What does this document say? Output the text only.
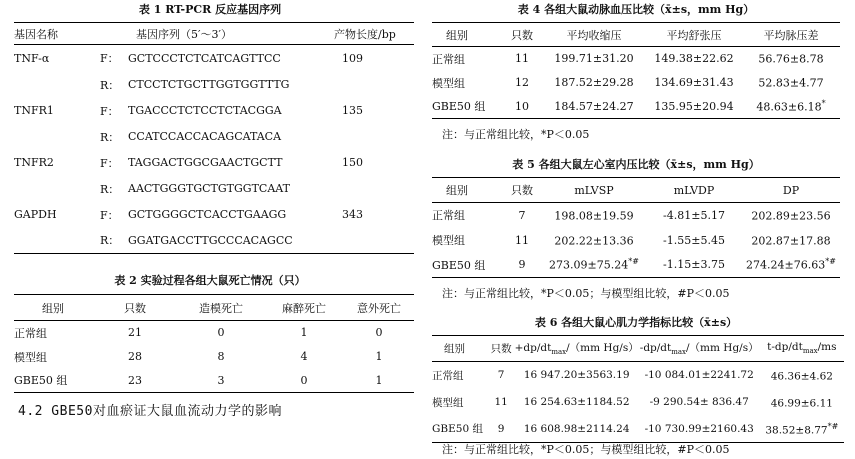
表 1 RT-PCR 反应基因序列
基因名称	基因序列（5′～3′）		产物长度/bp
TNF-α	F：	GCTCCCTCTCATCAGTTCC	109
	R：	CTCCTCTGCTTGGTGGTTTG	
TNFR1	F：	TGACCCTCTCCTCTACGGA	135
	R：	CCATCCACCACAGCATACA	
TNFR2	F：	TAGGACTGGCGAACTGCTT	150
	R：	AACTGGGTGCTGTGGTCAAT	
GAPDH	F：	GCTGGGGCTCACCTGAAGG	343
	R：	GGATGACCTTGCCCACAGCC	
表 2 实验过程各组大鼠死亡情况（只）
组别	只数	造模死亡	麻醉死亡	意外死亡
正常组	21	0	1	0
模型组	28	8	4	1
GBE50 组	23	3	0	1
4.2 GBE50对血瘀证大鼠血流动力学的影响
表 4 各组大鼠动脉血压比较（x̄±s，mm Hg）
组别	只数	平均收缩压	平均舒张压	平均脉压差
正常组	11	199.71±31.20	149.38±22.62	56.76±8.78
模型组	12	187.52±29.28	134.69±31.43	52.83±4.77
GBE50 组	10	184.57±24.27	135.95±20.94	48.63±6.18*
注：与正常组比较，*P＜0.05
表 5 各组大鼠左心室内压比较（x̄±s，mm Hg）
组别	只数	mLVSP	mLVDP	DP
正常组	7	198.08±19.59	-4.81±5.17	202.89±23.56
模型组	11	202.22±13.36	-1.55±5.45	202.87±17.88
GBE50 组	9	273.09±75.24*#	-1.15±3.75	274.24±76.63*#
注：与正常组比较，*P＜0.05；与模型组比较，#P＜0.05
表 6 各组大鼠心肌力学指标比较（x̄±s）
组别	只数	$+dp/dt_{max}/(mm$ Hg/s）	$-dp/dt_{max}/(mm$ Hg/s）	$t-dp/dt_{max}/ms$
正常组	7	16 947.20±3563.19	-10 084.01±2241.72	46.36±4.62
模型组	11	16 254.63±1184.52	-9 290.54± 836.47	46.99±6.11
GBE50 组	9	16 608.98±2114.24	-10 730.99±2160.43	38.52±8.77*#
注：与正常组比较，*P＜0.05；与模型组比较，#P＜0.05
